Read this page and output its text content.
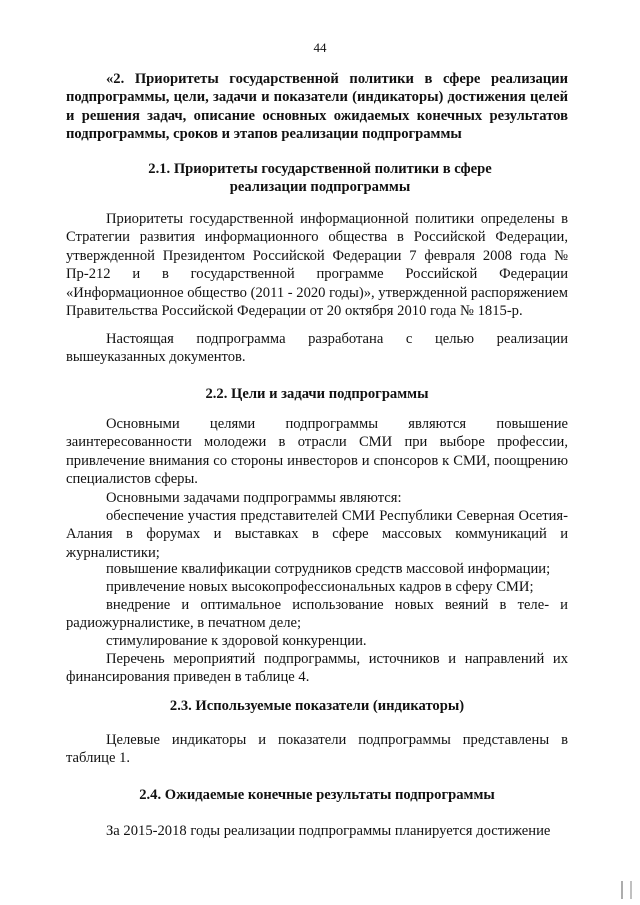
44

«2. Приоритеты государственной политики в сфере реализации подпрограммы, цели, задачи и показатели (индикаторы) достижения целей и решения задач, описание основных ожидаемых конечных результатов подпрограммы, сроков и этапов реализации подпрограммы

2.1. Приоритеты государственной политики в сфере реализации подпрограммы

Приоритеты государственной информационной политики определены в Стратегии развития информационного общества в Российской Федерации, утвержденной Президентом Российской Федерации 7 февраля 2008 года № Пр-212 и в государственной программе Российской Федерации «Информационное общество (2011 - 2020 годы)», утвержденной распоряжением Правительства Российской Федерации от 20 октября 2010 года № 1815-р.

Настоящая подпрограмма разработана с целью реализации вышеуказанных документов.

2.2. Цели и задачи подпрограммы

Основными целями подпрограммы являются повышение заинтересованности молодежи в отрасли СМИ при выборе профессии, привлечение внимания со стороны инвесторов и спонсоров к СМИ, поощрению специалистов сферы.

Основными задачами подпрограммы являются:

обеспечение участия представителей СМИ Республики Северная Осетия-Алания в форумах и выставках в сфере массовых коммуникаций и журналистики;

повышение квалификации сотрудников средств массовой информации;

привлечение новых высокопрофессиональных кадров в сферу СМИ;

внедрение и оптимальное использование новых веяний в теле- и радиожурналистике, в печатном деле;

стимулирование к здоровой конкуренции.

Перечень мероприятий подпрограммы, источников и направлений их финансирования приведен в таблице 4.

2.3. Используемые показатели (индикаторы)

Целевые индикаторы и показатели подпрограммы представлены в таблице 1.

2.4. Ожидаемые конечные результаты подпрограммы

За 2015-2018 годы реализации подпрограммы планируется достижение
